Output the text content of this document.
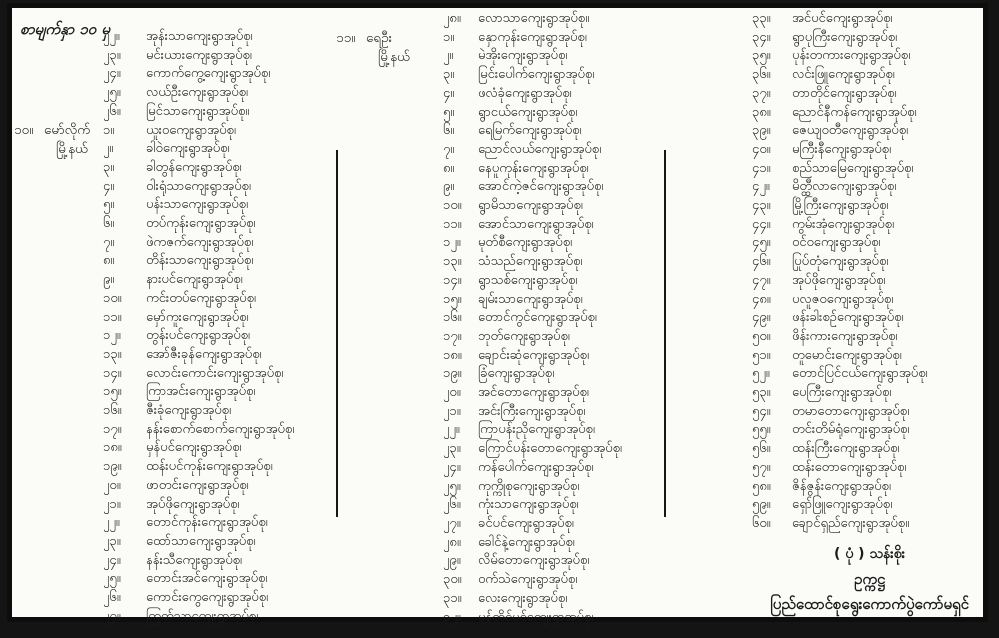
စာမျက်နှာ ၁၀ မှ
၁၀။ မော်လိုက်
မြို့နယ်
၁၁။ ရေဦး
မြို့နယ်
၂၂။	အုန်းသာကျေးရွာအုပ်စု၊
၂၃။	မင်းယားကျေးရွာအုပ်စု၊
၂၄။	ကောက်ကွေ့ကျေးရွာအုပ်စု၊
၂၅။	လယ်ဦးကျေးရွာအုပ်စု၊
၂၆။	မြင်သာကျေးရွာအုပ်စု။
၁။	ယူးဝကျေးရွာအုပ်စု၊
၂။	ခါဝဲကျေးရွာအုပ်စု၊
၃။	ခါတွန်ကျေးရွာအုပ်စု၊
၄။	ဝါးရုံသာကျေးရွာအုပ်စု၊
၅။	ပန်းသာကျေးရွာအုပ်စု၊
၆။	တပ်ကုန်းကျေးရွာအုပ်စု၊
၇။	ဖဲကဇက်ကျေးရွာအုပ်စု၊
၈။	တိန်းသာကျေးရွာအုပ်စု၊
၉။	နားပင်ကျေးရွာအုပ်စု၊
၁၀။	ကင်းတပ်ကျေးရွာအုပ်စု၊
၁၁။	မှော်ကူးကျေးရွာအုပ်စု၊
၁၂။	တွန်းပင်ကျေးရွာအုပ်စု၊
၁၃။	အော်ဇီးခုန်ကျေးရွာအုပ်စု၊
၁၄။	လောင်းကောင်းကျေးရွာအုပ်စု၊
၁၅။	ကြာအင်းကျေးရွာအုပ်စု၊
၁၆။	ဇီးခုံကျေးရွာအုပ်စု၊
၁၇။	နန်းစောက်စောက်ကျေးရွာအုပ်စု၊
၁၈။	မှန်ပင်ကျေးရွာအုပ်စု၊
၁၉။	ထန်းပင်ကုန်းကျေးရွာအုပ်စု၊
၂၀။	ဖာတင်းကျေးရွာအုပ်စု၊
၂၁။	အုပ်ဖိုကျေးရွာအုပ်စု၊
၂၂။	တောင်ကုန်းကျေးရွာအုပ်စု၊
၂၃။	ထော်သာကျေးရွာအုပ်စု၊
၂၄။	နန်းသီကျေးရွာအုပ်စု၊
၂၅။	တောင်းအင်ကျေးရွာအုပ်စု၊
၂၆။	ကောင်းကွေကျေးရွာအုပ်စု၊
၂၇။	ကြုတ်သာကျေးရွာအုပ်စု၊
၂၈။	လောသာကျေးရွာအုပ်စု။
၁။	နှောကုန်းကျေးရွာအုပ်စု၊
၂။	မဲအိုးကျေးရွာအုပ်စု၊
၃။	မြင်းပေါက်ကျေးရွာအုပ်စု၊
၄။	ဖလံခုံကျေးရွာအုပ်စု၊
၅။	ရွာငယ်ကျေးရွာအုပ်စု၊
၆။	ရေမြက်ကျေးရွာအုပ်စု၊
၇။	ညောင်လယ်ကျေးရွာအုပ်စု၊
၈။	နေပူကုန်းကျေးရွာအုပ်စု၊
၉။	အောင်ကဲ့ဇင်ကျေးရွာအုပ်စု၊
၁၀။	ရွာမိသာကျေးရွာအုပ်စု၊
၁၁။	အောင်သာကျေးရွာအုပ်စု၊
၁၂။	မုတ်စီကျေးရွာအုပ်စု၊
၁၃။	သံသည်ကျေးရွာအုပ်စု၊
၁၄။	ရွာသစ်ကျေးရွာအုပ်စု၊
၁၅။	ချမ်းသာကျေးရွာအုပ်စု၊
၁၆။	တောင်ကွင်ကျေးရွာအုပ်စု၊
၁၇။	ဘုတ်ကျေးရွာအုပ်စု၊
၁၈။	ချောင်းဆုံကျေးရွာအုပ်စု၊
၁၉။	ခြံကျေးရွာအုပ်စု၊
၂၀။	အင်တောကျေးရွာအုပ်စု၊
၂၁။	အင်းကြီးကျေးရွာအုပ်စု၊
၂၂။	ကြာပန်းညိုကျေးရွာအုပ်စု၊
၂၃။	ကြောင်ပန်းတောကျေးရွာအုပ်စု၊
၂၄။	ကန်ပေါက်ကျေးရွာအုပ်စု၊
၂၅။	ကုက္ကိုစုကျေးရွာအုပ်စု၊
၂၆။	ကုံးသာကျေးရွာအုပ်စု၊
၂၇။	ခင်ပင်ကျေးရွာအုပ်စု၊
၂၈။	ခေါင်နဲ့ကျေးရွာအုပ်စု၊
၂၉။	လိမ်တောကျေးရွာအုပ်စု၊
၃၀။	ဝက်သဲကျေးရွာအုပ်စု၊
၃၁။	လေးကျေးရွာအုပ်စု၊
၃၂။	မုန်တိုင်ပင်ကျေးရွာအုပ်စု၊
၃၃။	အင်ပင်ကျေးရွာအုပ်စု၊
၃၄။	ရွာပုကြီးကျေးရွာအုပ်စု၊
၃၅။	ပုန်းတကားကျေးရွာအုပ်စု၊
၃၆။	လင်းဖြူကျေးရွာအုပ်စု၊
၃၇။	တာတိုင်ကျေးရွာအုပ်စု၊
၃၈။	ညောင်နီကန်ကျေးရွာအုပ်စု၊
၃၉။	ဇေယျဝတီကျေးရွာအုပ်စု၊
၄၀။	မကြီးနီကျေးရွာအုပ်စု၊
၄၁။	စည်သာမြေကျေးရွာအုပ်စု၊
၄၂။	မိတ္ထီလာကျေးရွာအုပ်စု၊
၄၃။	မြို့ကြီးကျေးရွာအုပ်စု၊
၄၄။	ကွမ်းအုံကျေးရွာအုပ်စု၊
၄၅။	ဝင်ဝကျေးရွာအုပ်စု၊
၄၆။	ပြုပ်တုံကျေးရွာအုပ်စု၊
၄၇။	အုပ်ဖိုကျေးရွာအုပ်စု၊
၄၈။	ပလူဇဝကျေးရွာအုပ်စု၊
၄၉။	ဖန်းခါးစဉ်ကျေးရွာအုပ်စု၊
၅၀။	ဖိန်းကားကျေးရွာအုပ်စု၊
၅၁။	တူမောင်းကျေးရွာအုပ်စု၊
၅၂။	တောင်ပြင်ငယ်ကျေးရွာအုပ်စု၊
၅၃။	ပေကြီးကျေးရွာအုပ်စု၊
၅၄။	တမာတောကျေးရွာအုပ်စု၊
၅၅။	တင်းတိမ်ရုံကျေးရွာအုပ်စု၊
၅၆။	ထန်းကြီးကျေးရွာအုပ်စု၊
၅၇။	ထန်းတောကျေးရွာအုပ်စု၊
၅၈။	ဇိန်ဇွန်းကျေးရွာအုပ်စု၊
၅၉။	ရှော်ဖြူကျေးရွာအုပ်စု၊
၆၀။	ချောင်ရှည်ကျေးရွာအုပ်စု။
( ပုံ ) သန်းစိုး
ဥက္ကဋ္ဌ
ပြည်ထောင်စုရွေးကောက်ပွဲကော်မရှင်
